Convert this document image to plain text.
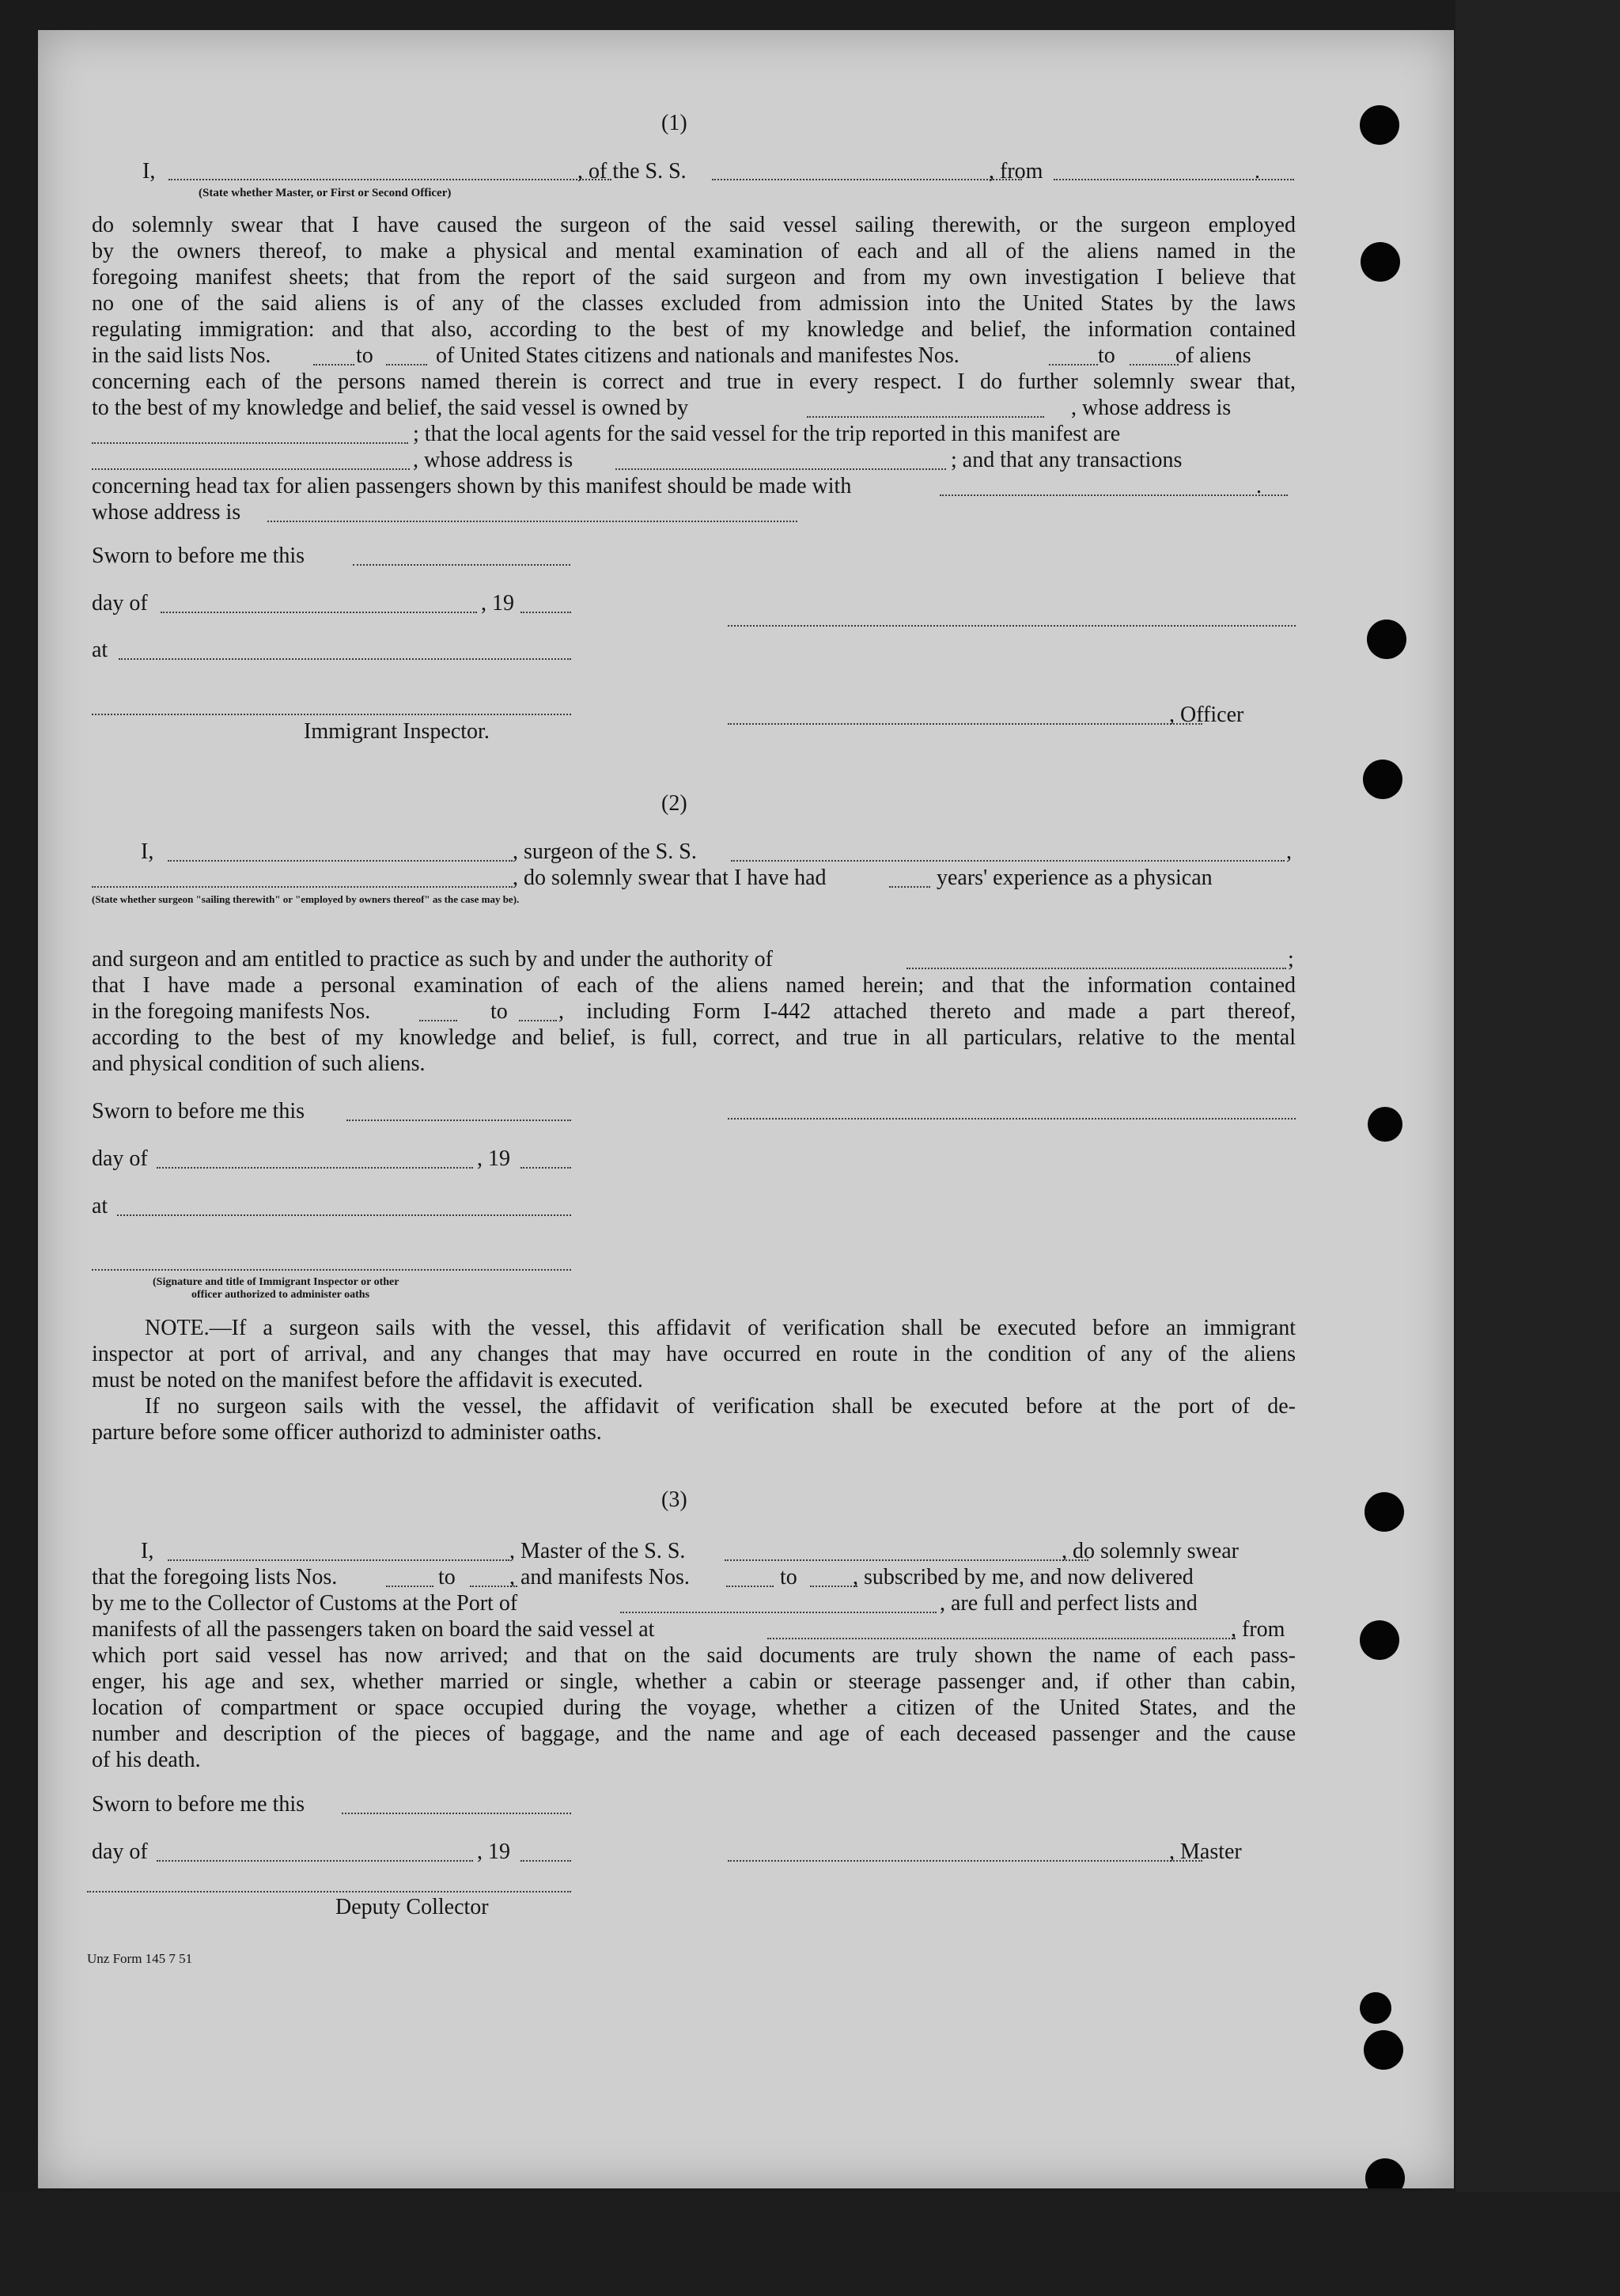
(1)
I,	, of the S. S.	, from	.
(State whether Master, or First or Second Officer)
do solemnly swear that I have caused the surgeon of the said vessel sailing therewith, or the surgeon employed
by the owners thereof, to make a physical and mental examination of each and all of the aliens named in the
foregoing manifest sheets; that from the report of the said surgeon and from my own investigation I believe that
no one of the said aliens is of any of the classes excluded from admission into the United States by the laws
regulating immigration: and that also, according to the best of my knowledge and belief, the information contained
in the said lists Nos.	to	of United States citizens and nationals and manifestes Nos.	to	of aliens
concerning each of the persons named therein is correct and true in every respect. I do further solemnly swear that,
to the best of my knowledge and belief, the said vessel is owned by	, whose address is
; that the local agents for the said vessel for the trip reported in this manifest are
, whose address is	; and that any transactions
concerning head tax for alien passengers shown by this manifest should be made with	.
whose address is
Sworn to before me this
day of	, 19
at
, Officer
Immigrant Inspector.
(2)
I,	, surgeon of the S. S.	,
, do solemnly swear that I have had	years' experience as a physican
(State whether surgeon "sailing therewith" or "employed by owners thereof" as the case may be).
and surgeon and am entitled to practice as such by and under the authority of	;
that I have made a personal examination of each of the aliens named herein; and that the information contained
in the foregoing manifests Nos.	to , including Form I-442 attached thereto and made a part thereof,
according to the best of my knowledge and belief, is full, correct, and true in all particulars, relative to the mental
and physical condition of such aliens.
Sworn to before me this
day of	, 19
at
(Signature and title of Immigrant Inspector or other
officer authorized to administer oaths
NOTE.—If a surgeon sails with the vessel, this affidavit of verification shall be executed before an immigrant
inspector at port of arrival, and any changes that may have occurred en route in the condition of any of the aliens
must be noted on the manifest before the affidavit is executed.
If no surgeon sails with the vessel, the affidavit of verification shall be executed before at the port of de-
parture before some officer authorizd to administer oaths.
(3)
I,	, Master of the S. S.	, do solemnly swear
that the foregoing lists Nos.	to , and manifests Nos.	to	, subscribed by me, and now delivered
by me to the Collector of Customs at the Port of	, are full and perfect lists and
manifests of all the passengers taken on board the said vessel at	, from
which port said vessel has now arrived; and that on the said documents are truly shown the name of each pass-
enger, his age and sex, whether married or single, whether a cabin or steerage passenger and, if other than cabin,
location of compartment or space occupied during the voyage, whether a citizen of the United States, and the
number and description of the pieces of baggage, and the name and age of each deceased passenger and the cause
of his death.
Sworn to before me this
day of	, 19	, Master
Deputy Collector
Unz Form 145 7 51
